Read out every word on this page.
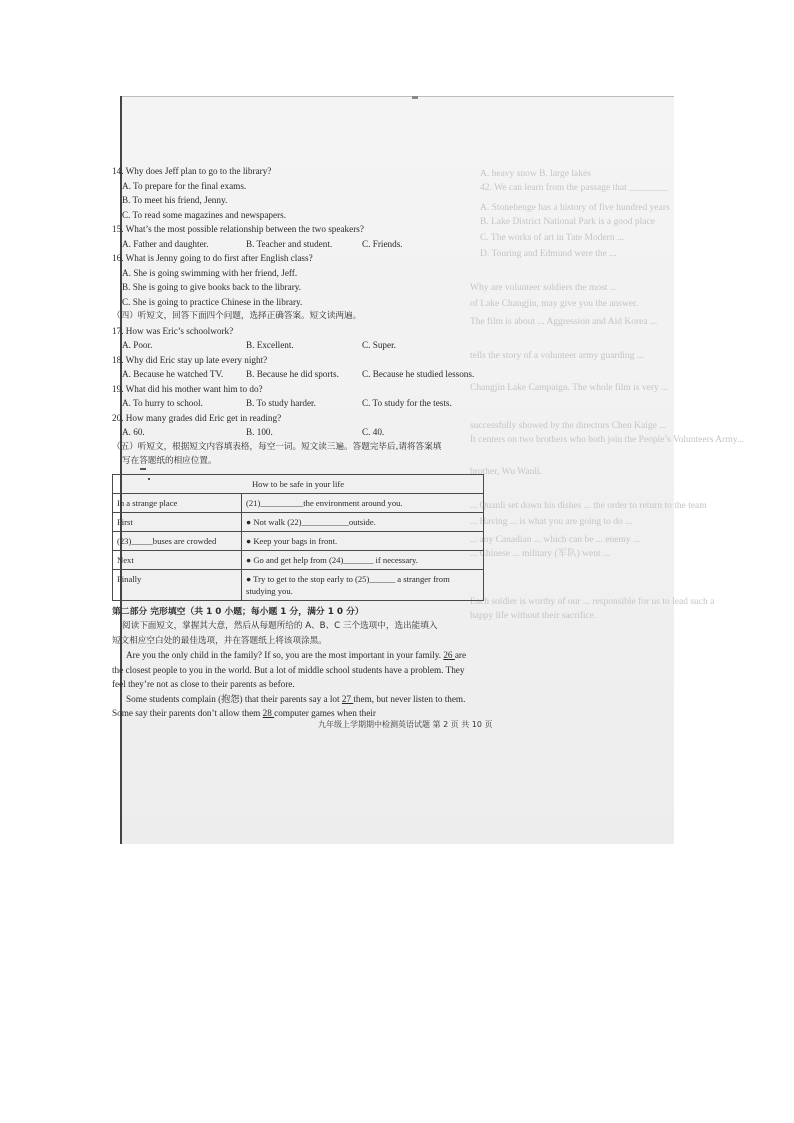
A. heavy snow B. large lakes
42. We can learn from the passage that ________
A. Stonehenge has a history of five hundred years
B. Lake District National Park is a good place
C. The works of art in Tate Modern ...
D. Touring and Edmund were the ...
Why are volunteer soldiers the most ...
of Lake Changjin, may give you the answer.
The film is about ... Aggression and Aid Korea ...
tells the story of a volunteer army guarding ...
Changjin Lake Campaign. The whole film is very ...
successfully showed by the directors Chen Kaige ...
It centers on two brothers who both join the People’s Volunteers Army...
brother, Wu Wanli.
... Quanli set down his dishes ... the order to return to the team
... Having ... is what you are going to do ...
... any Canadian ... which can be ... enemy ...
... Chinese ... military (军队) went ...
Each soldier is worthy of our ... responsible for us to lead such a
happy life without their sacrifice.
14. Why does Jeff plan to go to the library?
A. To prepare for the final exams.
B. To meet his friend, Jenny.
C. To read some magazines and newspapers.
15. What’s the most possible relationship between the two speakers?
A. Father and daughter.	B. Teacher and student.	C. Friends.
16. What is Jenny going to do first after English class?
A. She is going swimming with her friend, Jeff.
B. She is going to give books back to the library.
C. She is going to practice Chinese in the library.
（四）听短文，回答下面四个问题，选择正确答案。短文读两遍。
17. How was Eric’s schoolwork?
A. Poor.	B. Excellent.	C. Super.
18. Why did Eric stay up late every night?
A. Because he watched TV.	B. Because he did sports.	C. Because he studied lessons.
19. What did his mother want him to do?
A. To hurry to school.	B. To study harder.	C. To study for the tests.
20. How many grades did Eric get in reading?
A. 60.	B. 100.	C. 40.
（五）听短文，根据短文内容填表格，每空一词。短文读三遍。答题完毕后,请将答案填
写在答题纸的相应位置。
How to be safe in your life	
In a strange place	(21)__________the environment around you.
First	● Not walk (22)___________outside.
(23)_____buses are crowded	● Keep your bags in front.
Next	● Go and get help from (24)_______ if necessary.
Finally	● Try to get to the stop early to (25)______ a stranger from studying you.
第二部分 完形填空（共 1 0 小题；每小题 1 分，满分 1 0 分）
阅读下面短文，掌握其大意，然后从每题所给的 A、B、C 三个选项中，选出能填入
短文相应空白处的最佳选项，并在答题纸上将该项涂黑。
Are you the only child in the family? If so, you are the most important in your family. 26 are the closest people to you in the world. But a lot of middle school students have a problem. They feel they’re not as close to their parents as before.
Some students complain (抱怨) that their parents say a lot 27 them, but never listen to them. Some say their parents don’t allow them 28 computer games when their
九年级上学期期中检测英语试题 第 2 页 共 10 页
